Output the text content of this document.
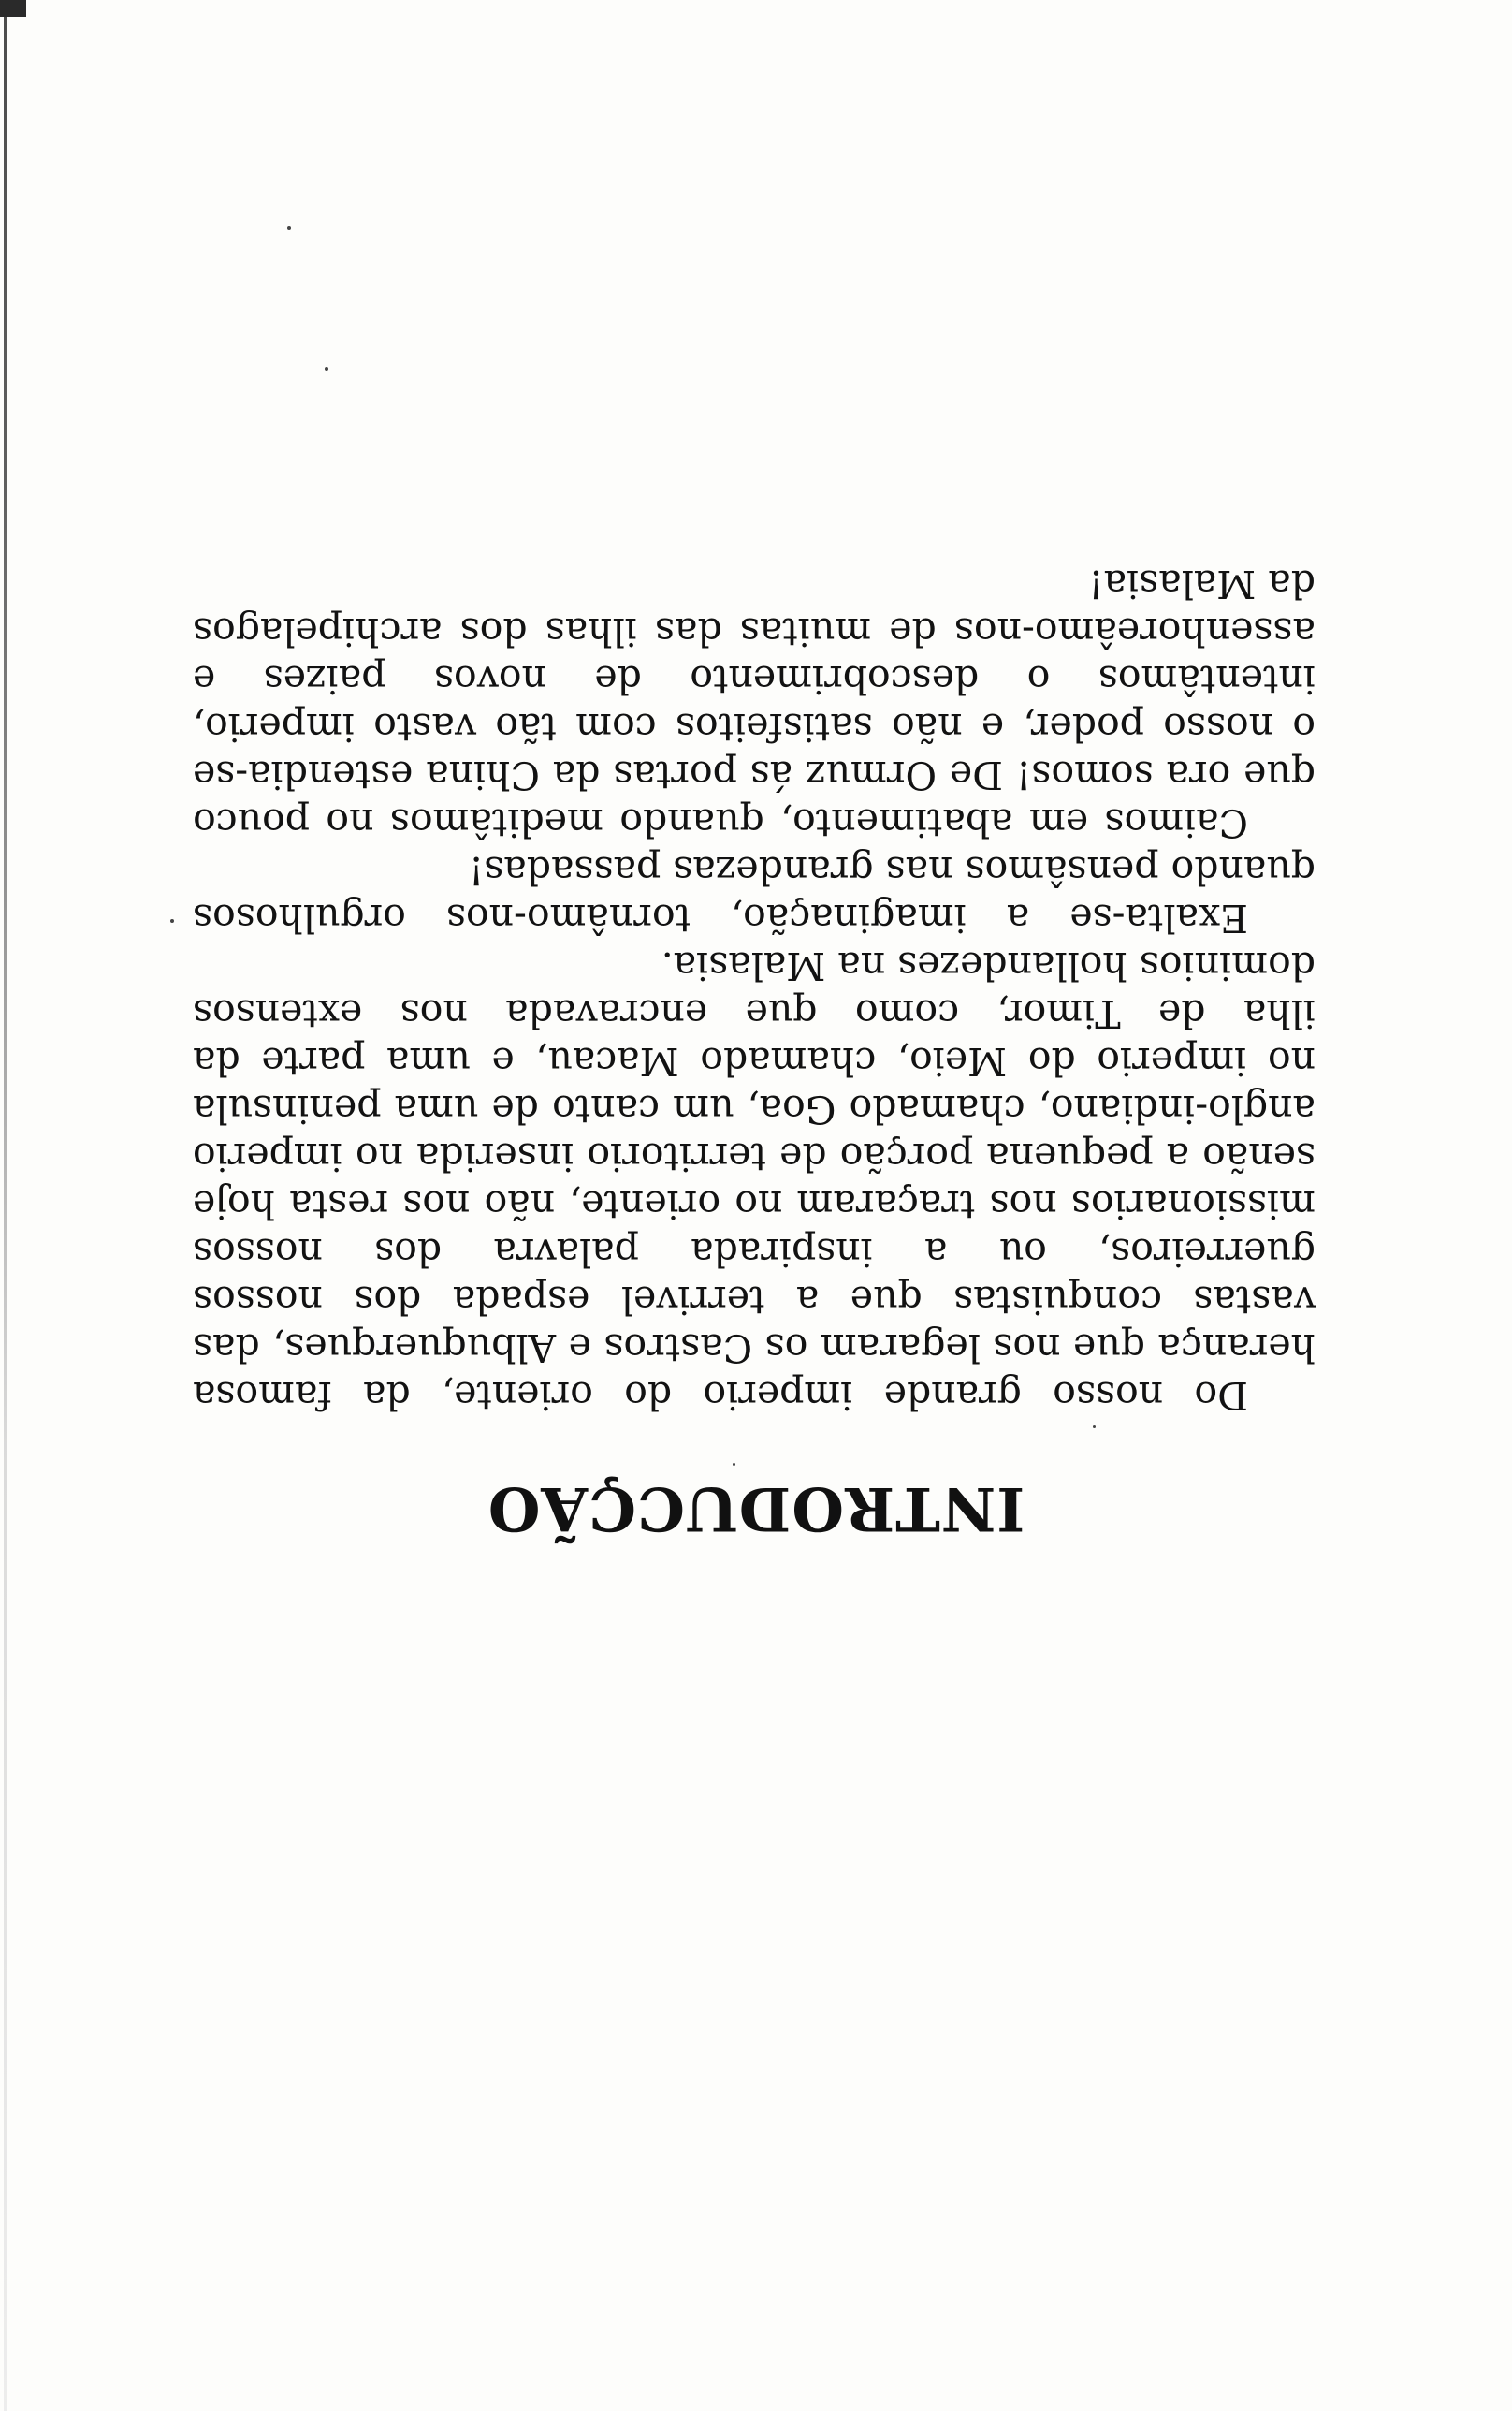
INTRODUCÇÃO

Do nosso grande imperio do oriente, da famosa herança que nos legaram os Castros e Albuquerques, das vastas conquistas que a terrivel espada dos nossos guerreiros, ou a inspirada palavra dos nossos missionarios nos traçaram no oriente, não nos resta hoje senão a pequena porção de territorio inserida no imperio anglo-indiano, chamado Goa, um canto de uma peninsula no imperio do Meio, chamado Macau, e uma parte da ilha de Timor, como que encravada nos extensos dominios hollandezes na Malasia.

Exalta-se a imaginação, tornâmo-nos orgulhosos quando pensâmos nas grandezas passadas!

Caimos em abatimento, quando meditâmos no pouco que ora somos! De Ormuz ás portas da China estendia-se o nosso poder, e não satisfeitos com tão vasto imperio, intentâmos o descobrimento de novos paizes e assenhoreâmo-nos de muitas das ilhas dos archipelagos da Malasia!
